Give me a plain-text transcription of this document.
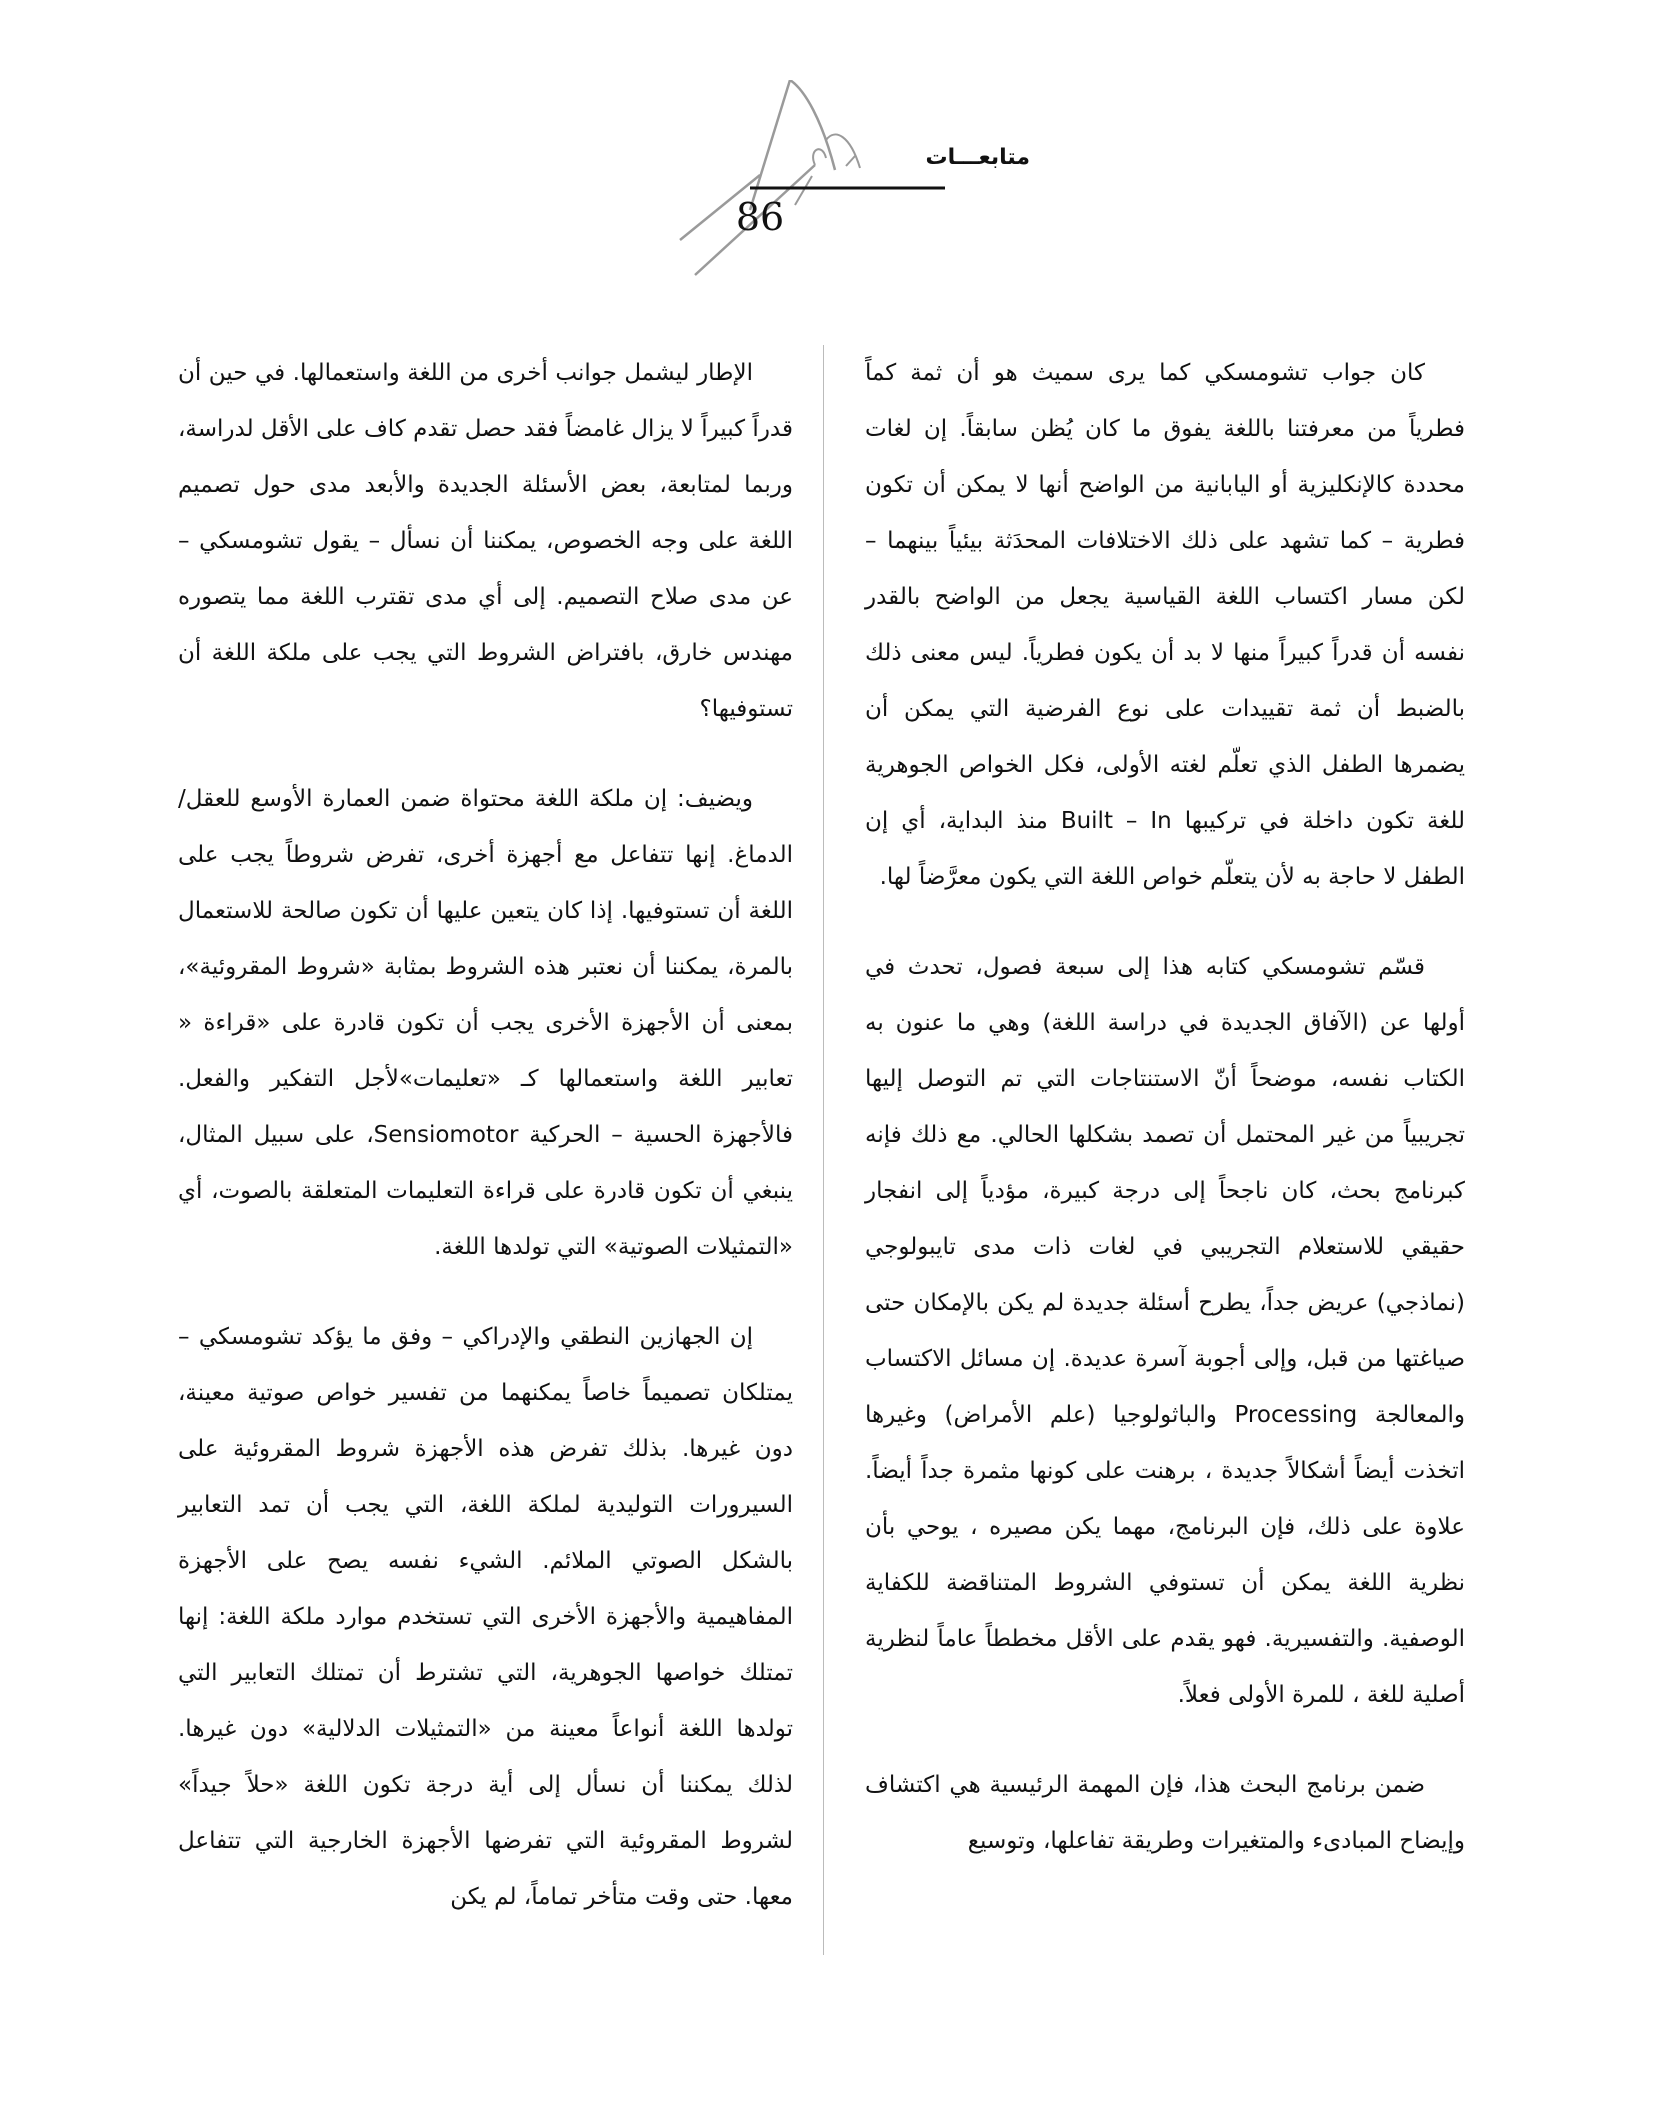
متابعـــات
86

كان جواب تشومسكي كما يرى سميث هو أن ثمة كماً فطرياً من معرفتنا باللغة يفوق ما كان يُظن سابقاً. إن لغات محددة كالإنكليزية أو اليابانية من الواضح أنها لا يمكن أن تكون فطرية – كما تشهد على ذلك الاختلافات المحدَثة بيئياً بينهما – لكن مسار اكتساب اللغة القياسية يجعل من الواضح بالقدر نفسه أن قدراً كبيراً منها لا بد أن يكون فطرياً. ليس معنى ذلك بالضبط أن ثمة تقييدات على نوع الفرضية التي يمكن أن يضمرها الطفل الذي تعلّم لغته الأولى، فكل الخواص الجوهرية للغة تكون داخلة في تركيبها Built – In منذ البداية، أي إن الطفل لا حاجة به لأن يتعلّم خواص اللغة التي يكون معرَّضاً لها.

قسّم تشومسكي كتابه هذا إلى سبعة فصول، تحدث في أولها عن (الآفاق الجديدة في دراسة اللغة) وهي ما عنون به الكتاب نفسه، موضحاً أنّ الاستنتاجات التي تم التوصل إليها تجريبياً من غير المحتمل أن تصمد بشكلها الحالي. مع ذلك فإنه كبرنامج بحث، كان ناجحاً إلى درجة كبيرة، مؤدياً إلى انفجار حقيقي للاستعلام التجريبي في لغات ذات مدى تايبولوجي (نماذجي) عريض جداً، يطرح أسئلة جديدة لم يكن بالإمكان حتى صياغتها من قبل، وإلى أجوبة آسرة عديدة. إن مسائل الاكتساب والمعالجة Processing والباثولوجيا (علم الأمراض) وغيرها اتخذت أيضاً أشكالاً جديدة ، برهنت على كونها مثمرة جداً أيضاً. علاوة على ذلك، فإن البرنامج، مهما يكن مصيره ، يوحي بأن نظرية اللغة يمكن أن تستوفي الشروط المتناقضة للكفاية الوصفية. والتفسيرية. فهو يقدم على الأقل مخططاً عاماً لنظرية أصلية للغة ، للمرة الأولى فعلاً.

ضمن برنامج البحث هذا، فإن المهمة الرئيسية هي اكتشاف وإيضاح المبادىء والمتغيرات وطريقة تفاعلها، وتوسيع

الإطار ليشمل جوانب أخرى من اللغة واستعمالها. في حين أن قدراً كبيراً لا يزال غامضاً فقد حصل تقدم كاف على الأقل لدراسة، وربما لمتابعة، بعض الأسئلة الجديدة والأبعد مدى حول تصميم اللغة على وجه الخصوص، يمكننا أن نسأل – يقول تشومسكي – عن مدى صلاح التصميم. إلى أي مدى تقترب اللغة مما يتصوره مهندس خارق، بافتراض الشروط التي يجب على ملكة اللغة أن تستوفيها؟

ويضيف: إن ملكة اللغة محتواة ضمن العمارة الأوسع للعقل/ الدماغ. إنها تتفاعل مع أجهزة أخرى، تفرض شروطاً يجب على اللغة أن تستوفيها. إذا كان يتعين عليها أن تكون صالحة للاستعمال بالمرة، يمكننا أن نعتبر هذه الشروط بمثابة «شروط المقروئية»، بمعنى أن الأجهزة الأخرى يجب أن تكون قادرة على «قراءة « تعابير اللغة واستعمالها كـ «تعليمات»لأجل التفكير والفعل. فالأجهزة الحسية – الحركية Sensiomotor، على سبيل المثال، ينبغي أن تكون قادرة على قراءة التعليمات المتعلقة بالصوت، أي «التمثيلات الصوتية» التي تولدها اللغة.

إن الجهازين النطقي والإدراكي – وفق ما يؤكد تشومسكي – يمتلكان تصميماً خاصاً يمكنهما من تفسير خواص صوتية معينة، دون غيرها. بذلك تفرض هذه الأجهزة شروط المقروئية على السيرورات التوليدية لملكة اللغة، التي يجب أن تمد التعابير بالشكل الصوتي الملائم. الشيء نفسه يصح على الأجهزة المفاهيمية والأجهزة الأخرى التي تستخدم موارد ملكة اللغة: إنها تمتلك خواصها الجوهرية، التي تشترط أن تمتلك التعابير التي تولدها اللغة أنواعاً معينة من «التمثيلات الدلالية» دون غيرها. لذلك يمكننا أن نسأل إلى أية درجة تكون اللغة «حلاً جيداً» لشروط المقروئية التي تفرضها الأجهزة الخارجية التي تتفاعل معها. حتى وقت متأخر تماماً، لم يكن
